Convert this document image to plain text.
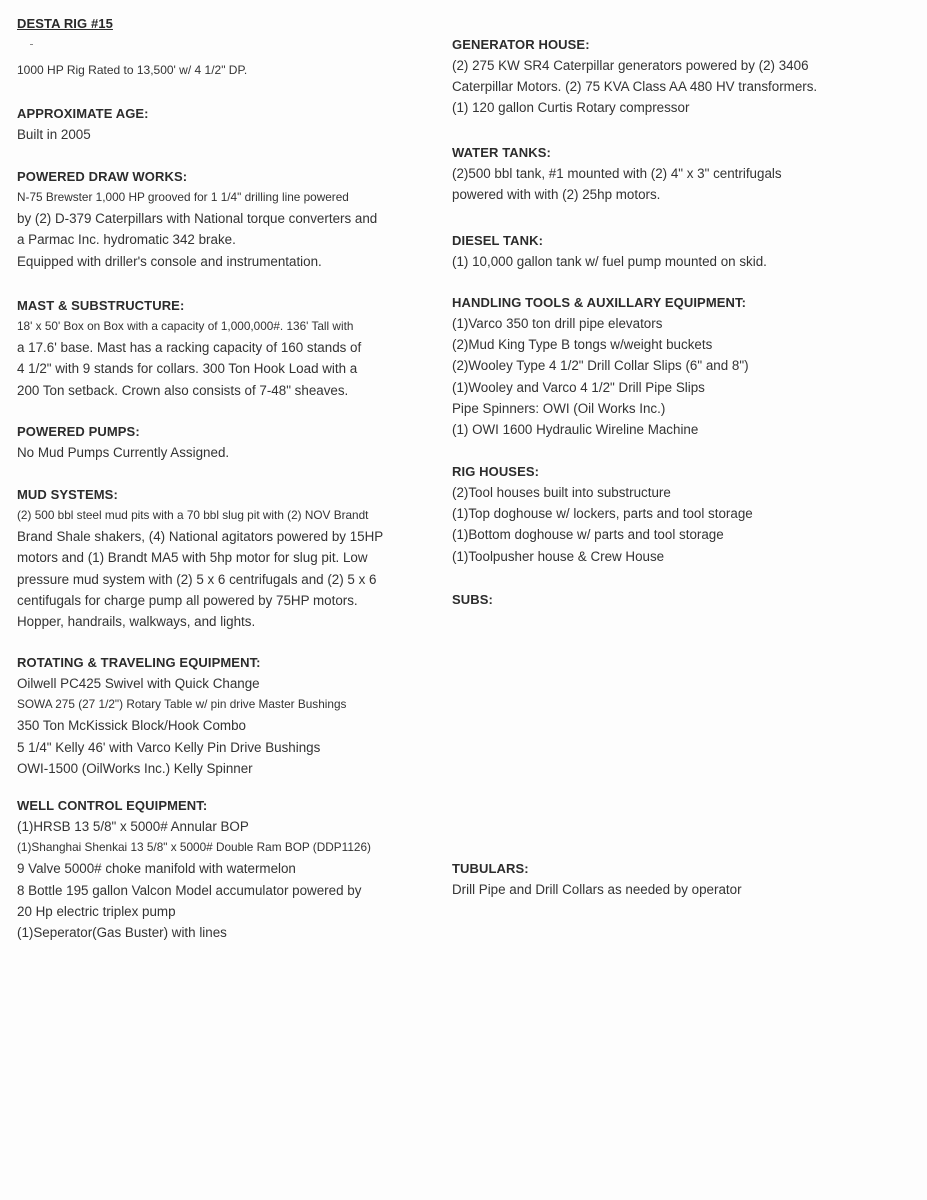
DESTA RIG #15
1000 HP Rig Rated to 13,500' w/ 4 1/2" DP.
APPROXIMATE AGE:
Built in 2005
POWERED DRAW WORKS:
N-75 Brewster 1,000 HP grooved for 1 1/4" drilling line powered
by (2) D-379 Caterpillars with National torque converters and
a Parmac Inc. hydromatic 342 brake.
Equipped with driller's console and instrumentation.
MAST & SUBSTRUCTURE:
18' x 50' Box on Box with a capacity of 1,000,000#. 136' Tall with
a 17.6' base. Mast has a racking capacity of 160 stands of
4 1/2" with 9 stands for collars. 300 Ton Hook Load with a
200 Ton setback. Crown also consists of 7-48" sheaves.
POWERED PUMPS:
No Mud Pumps Currently Assigned.
MUD SYSTEMS:
(2) 500 bbl steel mud pits with a 70 bbl slug pit with (2) NOV Brandt
Brand Shale shakers, (4) National agitators powered by 15HP
motors and (1) Brandt MA5 with 5hp motor for slug pit. Low
pressure mud system with (2) 5 x 6 centrifugals and (2) 5 x 6
centifugals for charge pump all powered by 75HP motors.
Hopper, handrails, walkways, and lights.
ROTATING & TRAVELING EQUIPMENT:
Oilwell PC425 Swivel with Quick Change
SOWA 275 (27 1/2") Rotary Table w/ pin drive Master Bushings
350 Ton McKissick Block/Hook Combo
5 1/4" Kelly 46' with Varco Kelly Pin Drive Bushings
OWI-1500 (OilWorks Inc.) Kelly Spinner
WELL CONTROL EQUIPMENT:
(1)HRSB 13 5/8" x 5000# Annular BOP
(1)Shanghai Shenkai 13 5/8" x 5000# Double Ram BOP (DDP1126)
9 Valve 5000# choke manifold with watermelon
8 Bottle 195 gallon Valcon Model accumulator powered by
20 Hp electric triplex pump
(1)Seperator(Gas Buster) with lines
GENERATOR HOUSE:
(2) 275 KW SR4 Caterpillar generators powered by (2) 3406
Caterpillar Motors. (2) 75 KVA Class AA 480 HV transformers.
(1) 120 gallon Curtis Rotary compressor
WATER TANKS:
(2)500 bbl tank, #1 mounted with (2) 4" x 3" centrifugals
powered with with (2) 25hp motors.
DIESEL TANK:
(1) 10,000 gallon tank w/ fuel pump mounted on skid.
HANDLING TOOLS & AUXILLARY EQUIPMENT:
(1)Varco 350 ton drill pipe elevators
(2)Mud King Type B tongs w/weight buckets
(2)Wooley Type 4 1/2" Drill Collar Slips (6" and 8")
(1)Wooley and Varco 4 1/2" Drill Pipe Slips
Pipe Spinners: OWI (Oil Works Inc.)
(1) OWI 1600 Hydraulic Wireline Machine
RIG HOUSES:
(2)Tool houses built into substructure
(1)Top doghouse w/ lockers, parts and tool storage
(1)Bottom doghouse w/ parts and tool storage
(1)Toolpusher house & Crew House
SUBS:
TUBULARS:
Drill Pipe and Drill Collars as needed by operator
